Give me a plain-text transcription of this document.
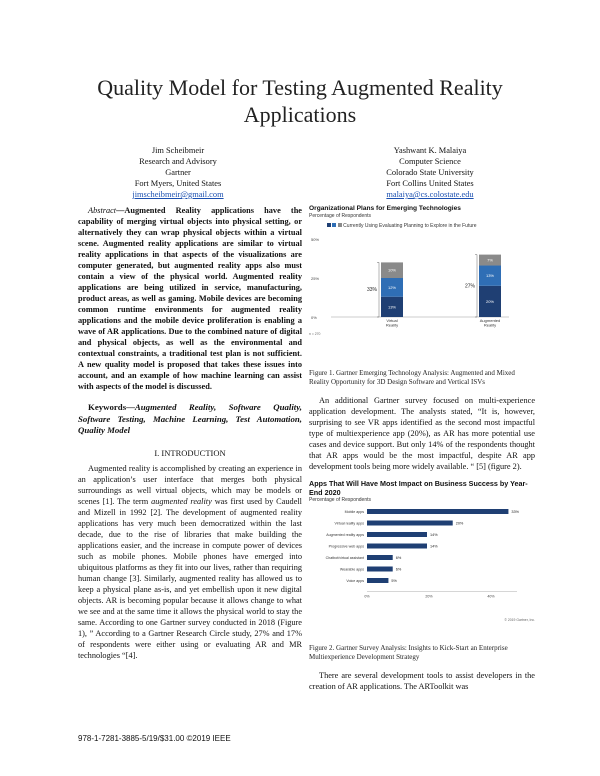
Quality Model for Testing Augmented Reality Applications
Jim Scheibmeir
Research and Advisory
Gartner
Fort Myers, United States
jimscheibmeir@gmail.com
Yashwant K. Malaiya
Computer Science
Colorado State University
Fort Collins United States
malaiya@cs.colostate.edu

Abstract—Augmented Reality applications have the capability of merging virtual objects into physical setting, or alternatively they can wrap physical objects within a virtual scene. Augmented reality applications are similar to virtual reality applications in that aspects of the visualizations are computer generated, but augmented reality apps also must contain a view of the physical world. Augmented reality applications are being utilized in service, manufacturing, product areas, as well as gaming. Mobile devices are becoming common runtime environments for augmented reality applications and the mobile device proliferation is enabling a wave of AR applications. Due to the combined nature of digital and physical objects, as well as the environmental and contextual constraints, a traditional test plan is not sufficient. A new quality model is proposed that takes these issues into account, and an example of how machine learning can assist with aspects of the model is discussed.

Keywords—Augmented Reality, Software Quality, Software Testing, Machine Learning, Test Automation, Quality Model

I. INTRODUCTION

Augmented reality is accomplished by creating an experience in an application’s user interface that merges both physical surroundings as well virtual objects, which may be models or scenes [1]. The term augmented reality was first used by Caudell and Mizell in 1992 [2]. The development of augmented reality applications has very much been democratized within the last decade, due to the rise of libraries that make building the applications easier, and the increase in compute power of devices such as mobile phones. Mobile phones have emerged into ubiquitous platforms as they fit into our lives, rather than requiring human change [3]. Similarly, augmented reality has allowed us to keep a physical plane as-is, and yet embellish upon it new digital objects. AR is becoming popular because it allows change to what we see and at the same time it allows the physical world to stay the same. According to one Gartner survey conducted in 2018 (Figure 1), ” According to a Gartner Research Circle study, 27% and 17% of respondents were either using or evaluating AR and MR technologies “[4].

Organizational Plans for Emerging Technologies
Percentage of Respondents
Currently Using Evaluating Planning to Explore in the Future
50%
25%
0%
13%
12%
10%
33%
Virtual
Reality
20%
13%
7%
27%
Augmented
Reality
n = 270
Figure 1. Gartner Emerging Technology Analysis: Augmented and Mixed Reality Opportunity for 3D Design Software and Vertical ISVs

An additional Gartner survey focused on multi-experience application development. The analysts stated, “It is, however, surprising to see VR apps identified as the second most impactful type of multiexperience app (20%), as AR has more potential use cases and device support. But only 14% of the respondents thought that AR apps would be the most impactful, despite AR app development tools being more widely available. “ [5] (figure 2).

Apps That Will Have Most Impact on Business Success by Year-End 2020
Percentage of Respondents
Mobile apps	33%
Virtual reality apps	20%
Augmented reality apps	14%
Progressive web apps	14%
Chatbot/virtual assistant	6%
Wearable apps	6%
Voice apps	5%
0%	20%	40%
© 2019 Gartner, Inc.
Figure 2. Gartner Survey Analysis: Insights to Kick-Start an Enterprise Multiexperience Development Strategy

There are several development tools to assist developers in the creation of AR applications. The ARToolkit was

978-1-7281-3885-5/19/$31.00 ©2019 IEEE
